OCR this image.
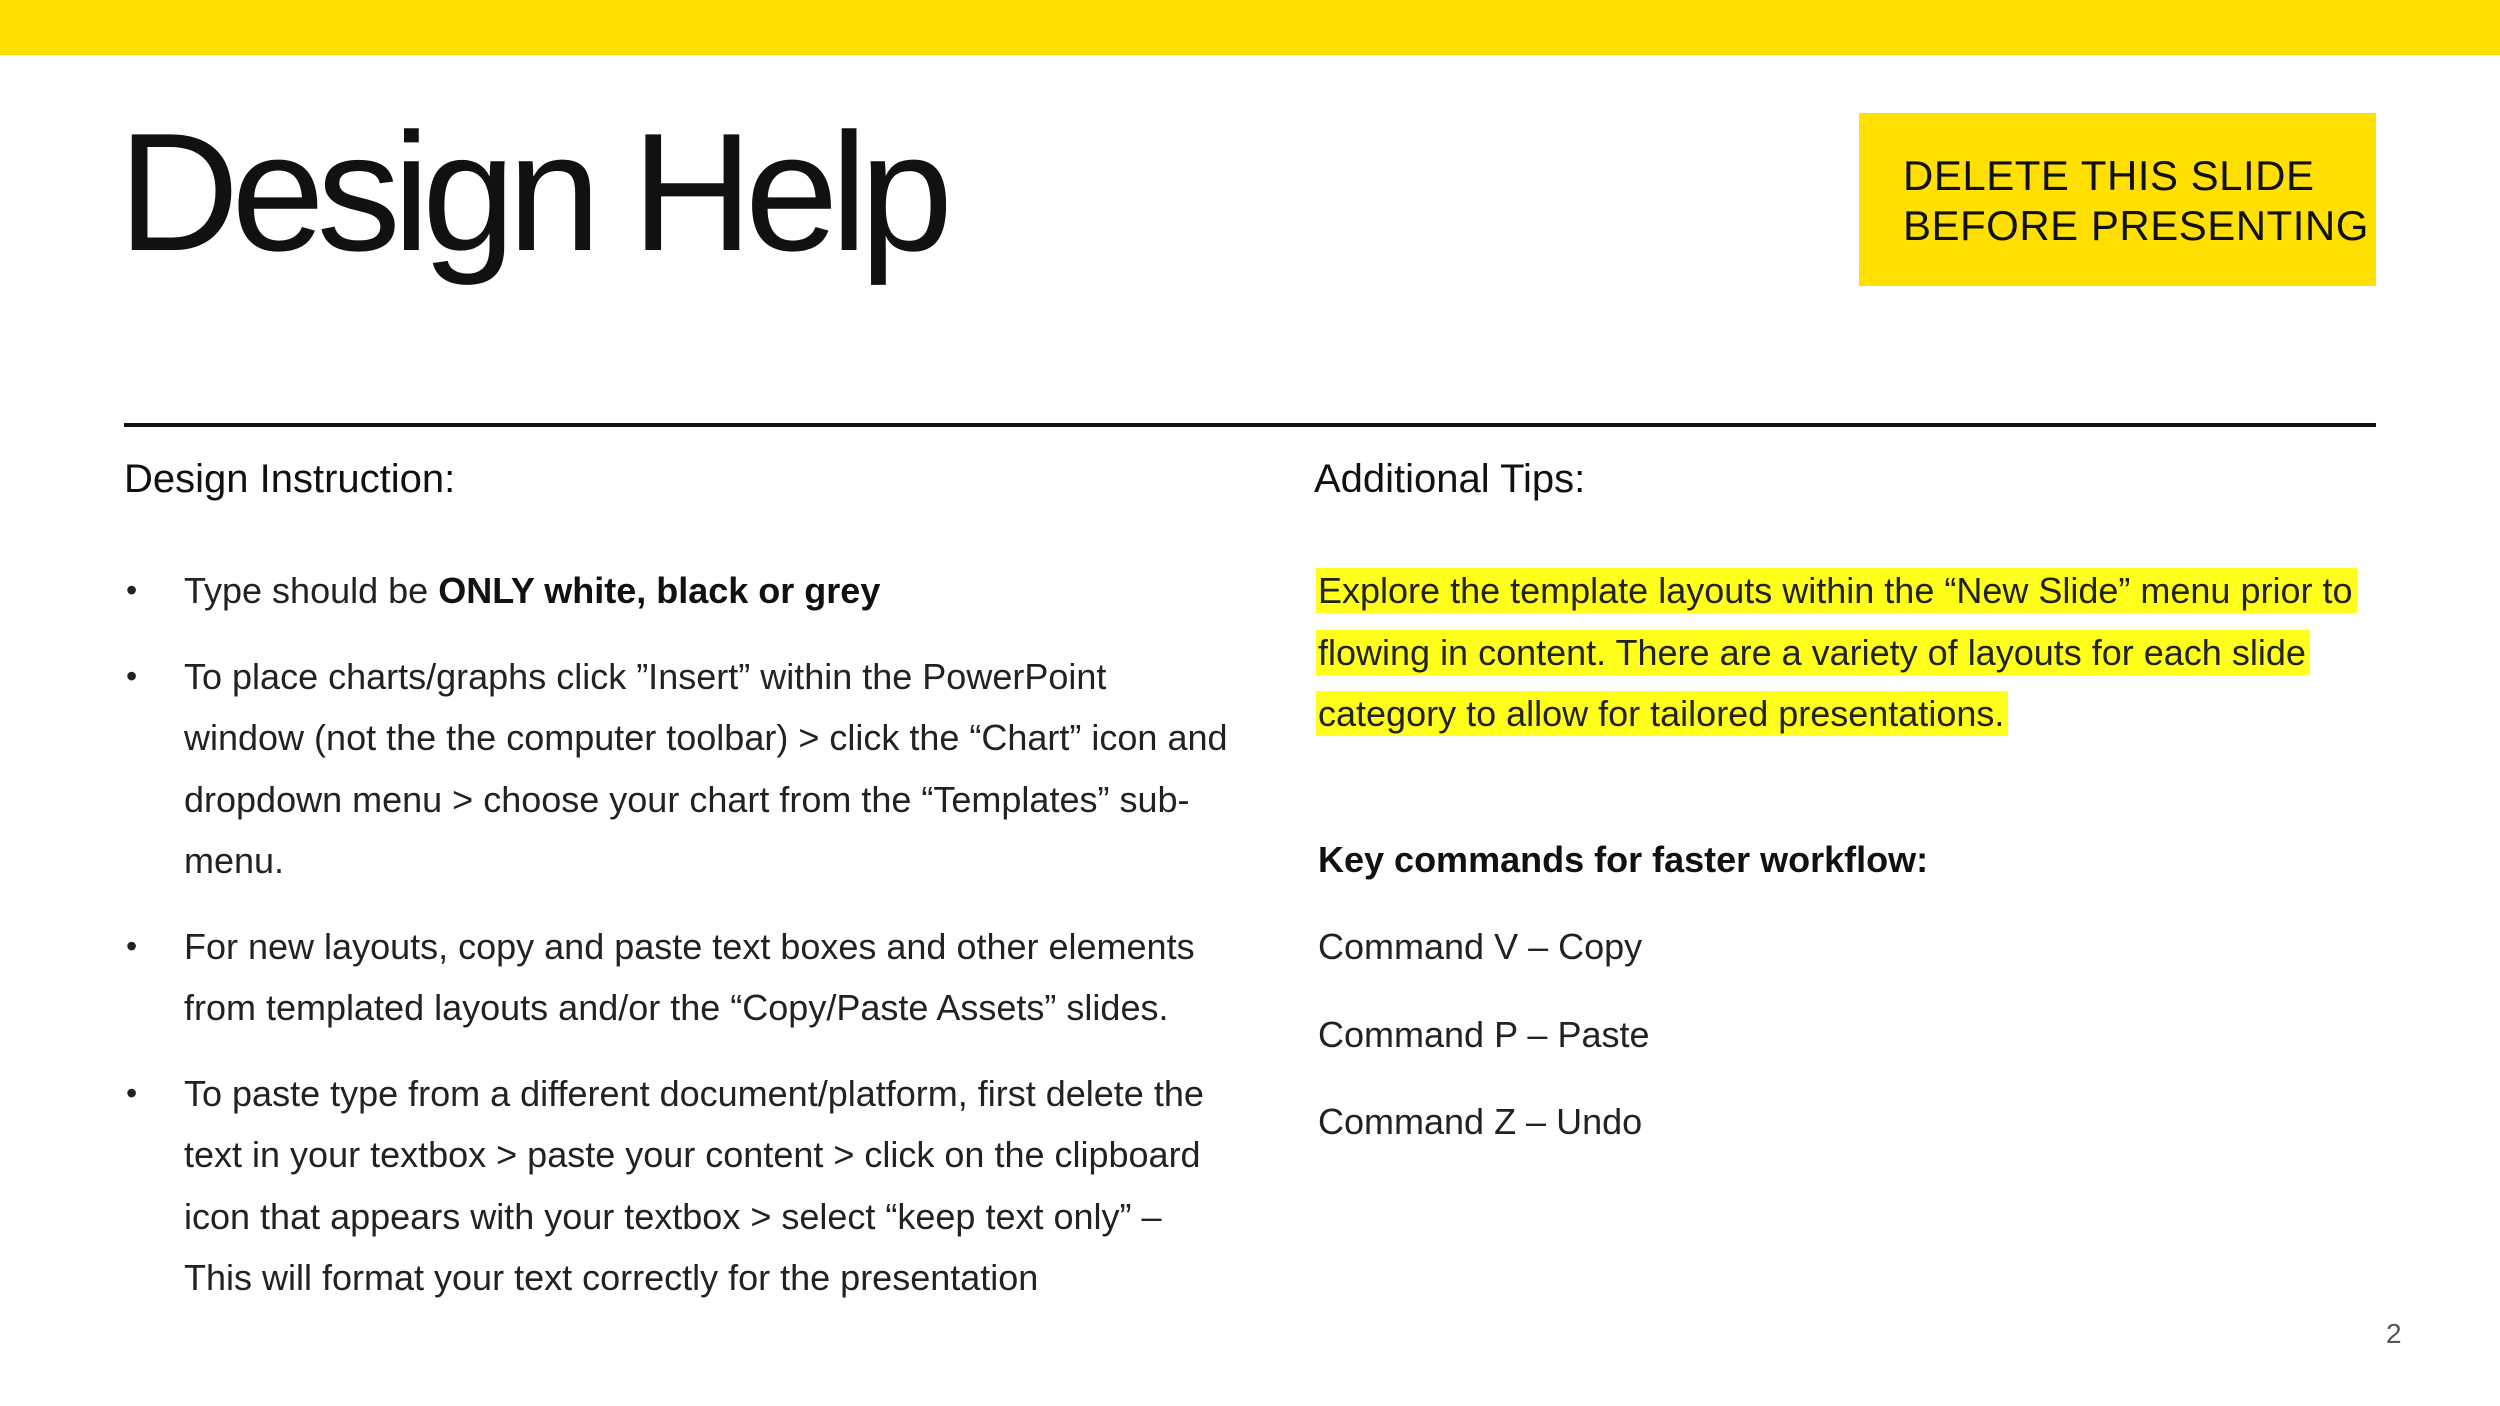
Design Help	DELETE THIS SLIDE
BEFORE PRESENTING
Design Instruction:	Additional Tips:
• Type should be ONLY white, black or grey
• To place charts/graphs click ”Insert” within the PowerPoint window (not the the computer toolbar) > click the “Chart” icon and dropdown menu > choose your chart from the “Templates” sub-menu.
• For new layouts, copy and paste text boxes and other elements from templated layouts and/or the “Copy/Paste Assets” slides.
• To paste type from a different document/platform, first delete the text in your textbox > paste your content > click on the clipboard icon that appears with your textbox > select “keep text only” – This will format your text correctly for the presentation
Explore the template layouts within the “New Slide” menu prior to flowing in content. There are a variety of layouts for each slide category to allow for tailored presentations.
Key commands for faster workflow:
Command V – Copy
Command P – Paste
Command Z – Undo
2
